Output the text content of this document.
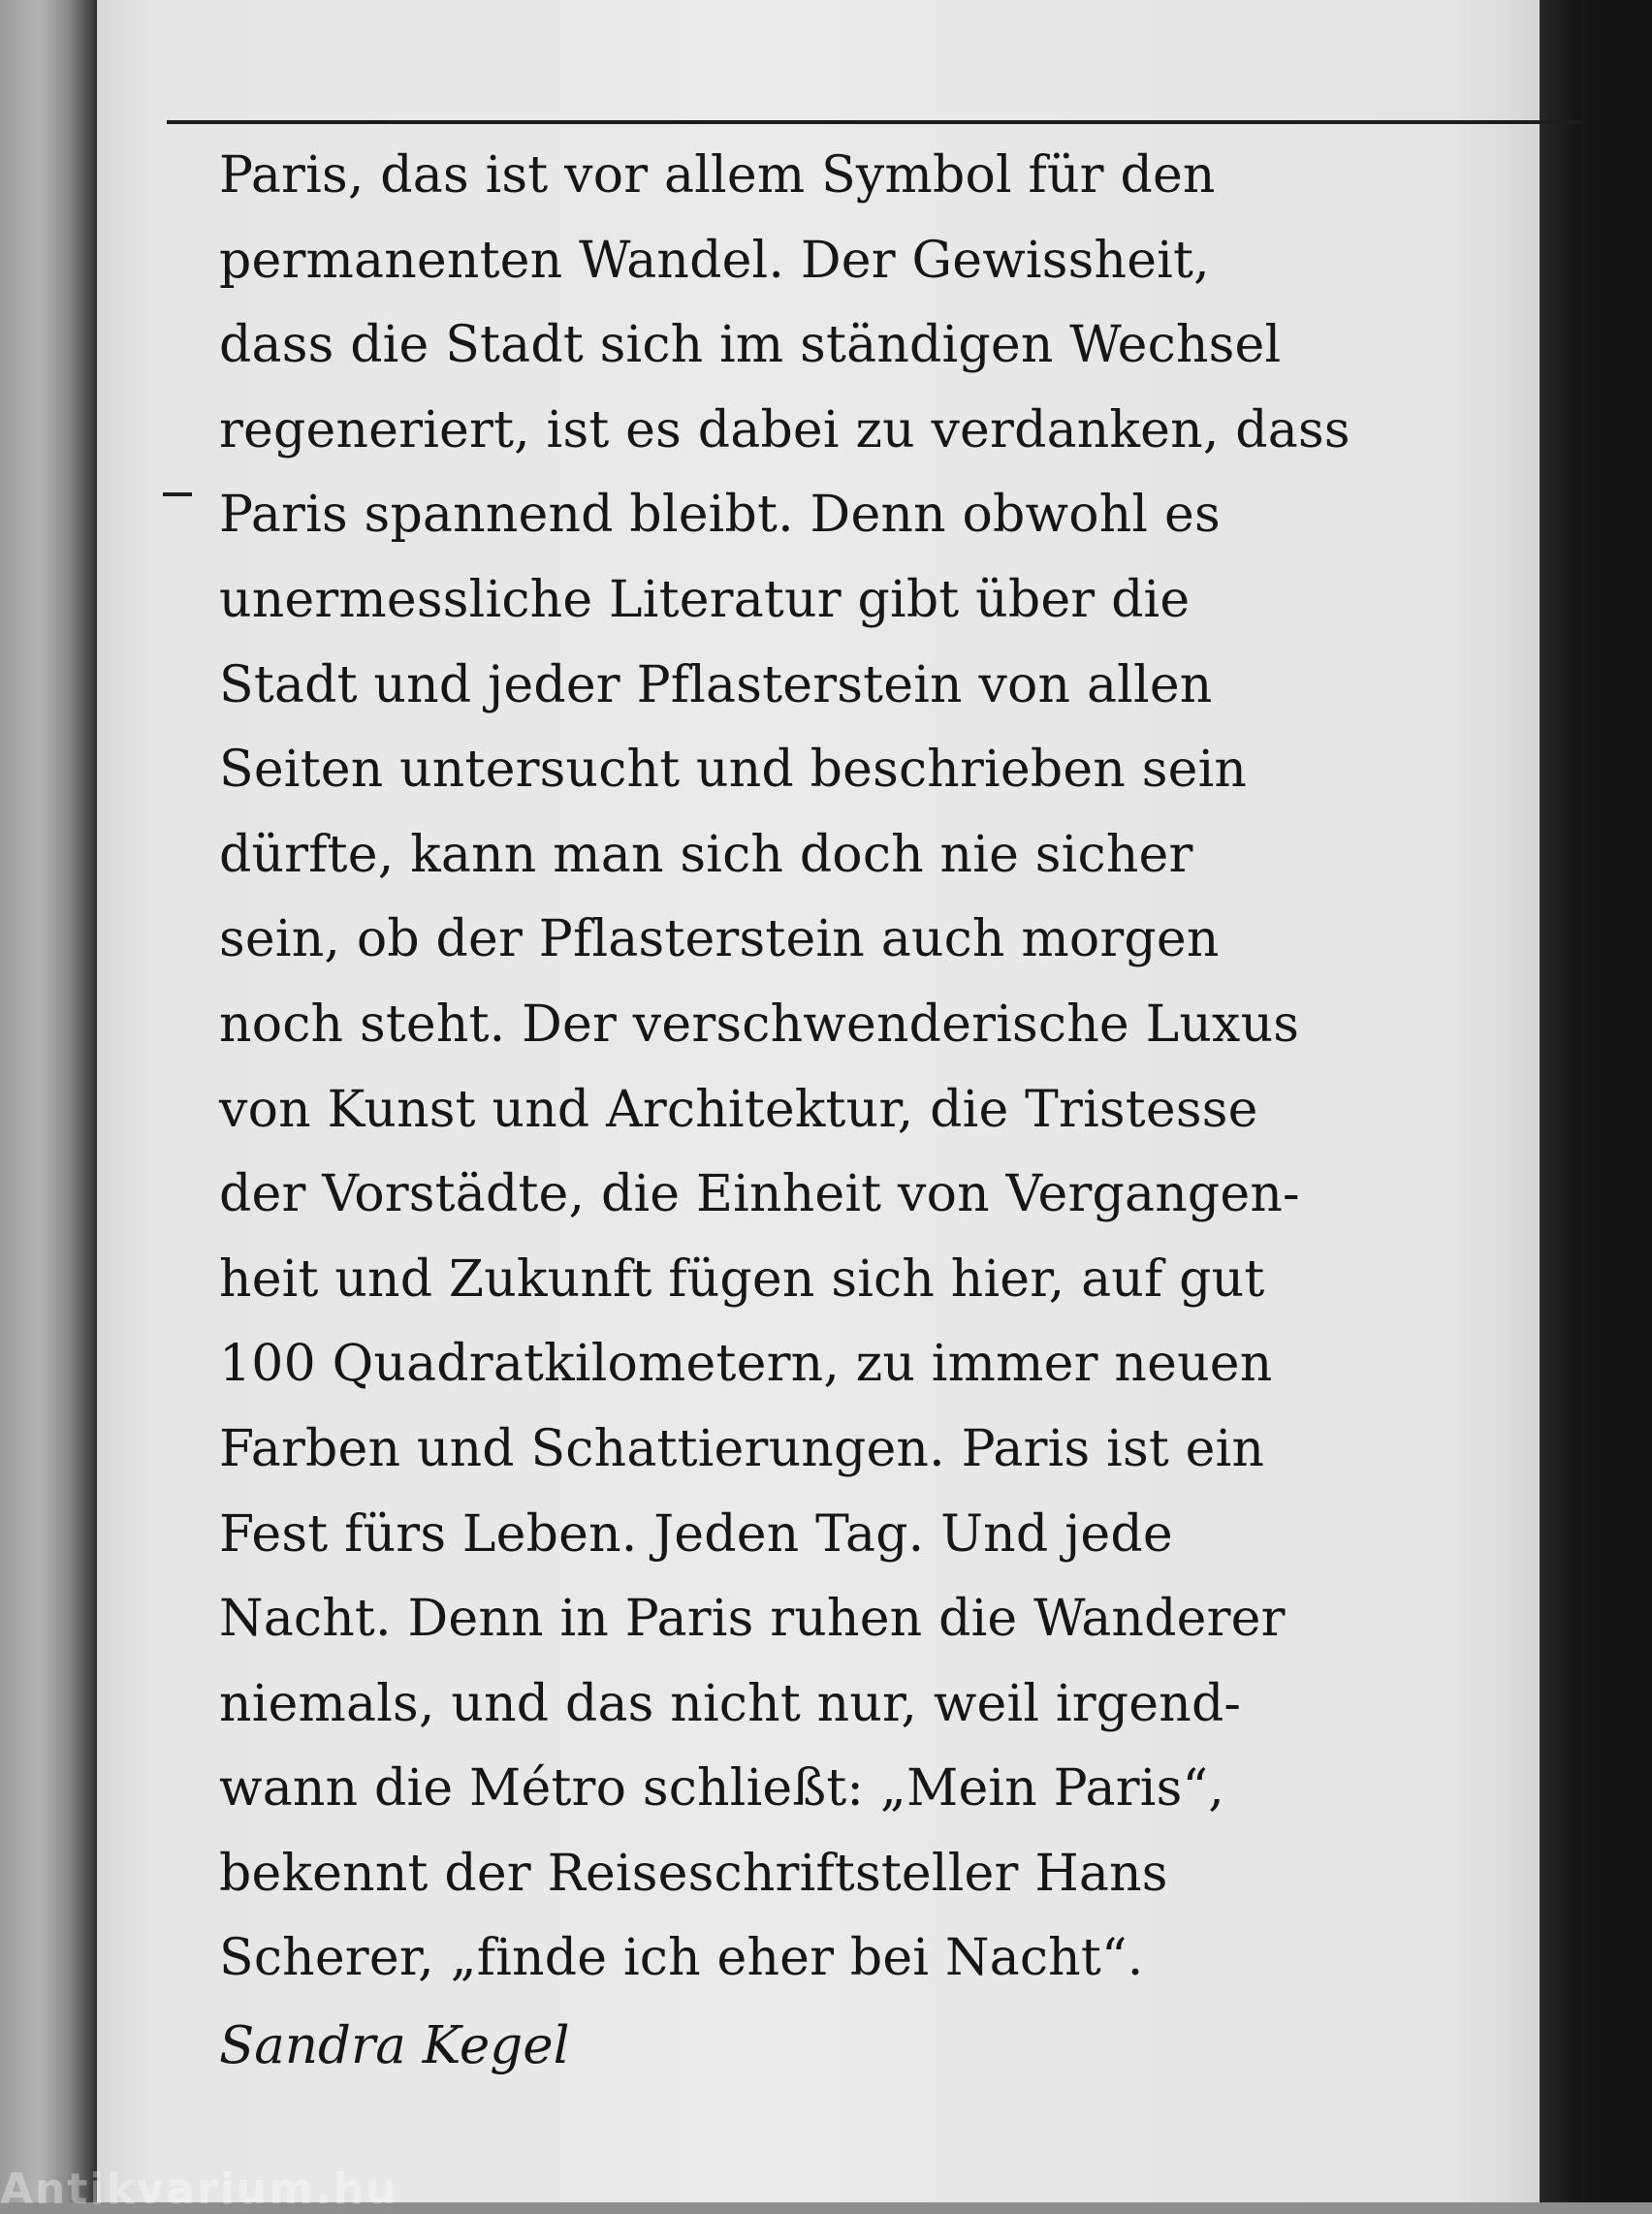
Paris, das ist vor allem Symbol für den
permanenten Wandel. Der Gewissheit,
dass die Stadt sich im ständigen Wechsel
regeneriert, ist es dabei zu verdanken, dass
Paris spannend bleibt. Denn obwohl es
unermessliche Literatur gibt über die
Stadt und jeder Pflasterstein von allen
Seiten untersucht und beschrieben sein
dürfte, kann man sich doch nie sicher
sein, ob der Pflasterstein auch morgen
noch steht. Der verschwenderische Luxus
von Kunst und Architektur, die Tristesse
der Vorstädte, die Einheit von Vergangen-
heit und Zukunft fügen sich hier, auf gut
100 Quadratkilometern, zu immer neuen
Farben und Schattierungen. Paris ist ein
Fest fürs Leben. Jeden Tag. Und jede
Nacht. Denn in Paris ruhen die Wanderer
niemals, und das nicht nur, weil irgend-
wann die Métro schließt: „Mein Paris“,
bekennt der Reiseschriftsteller Hans
Scherer, „finde ich eher bei Nacht“.
Sandra Kegel
Antikvarium.hu
